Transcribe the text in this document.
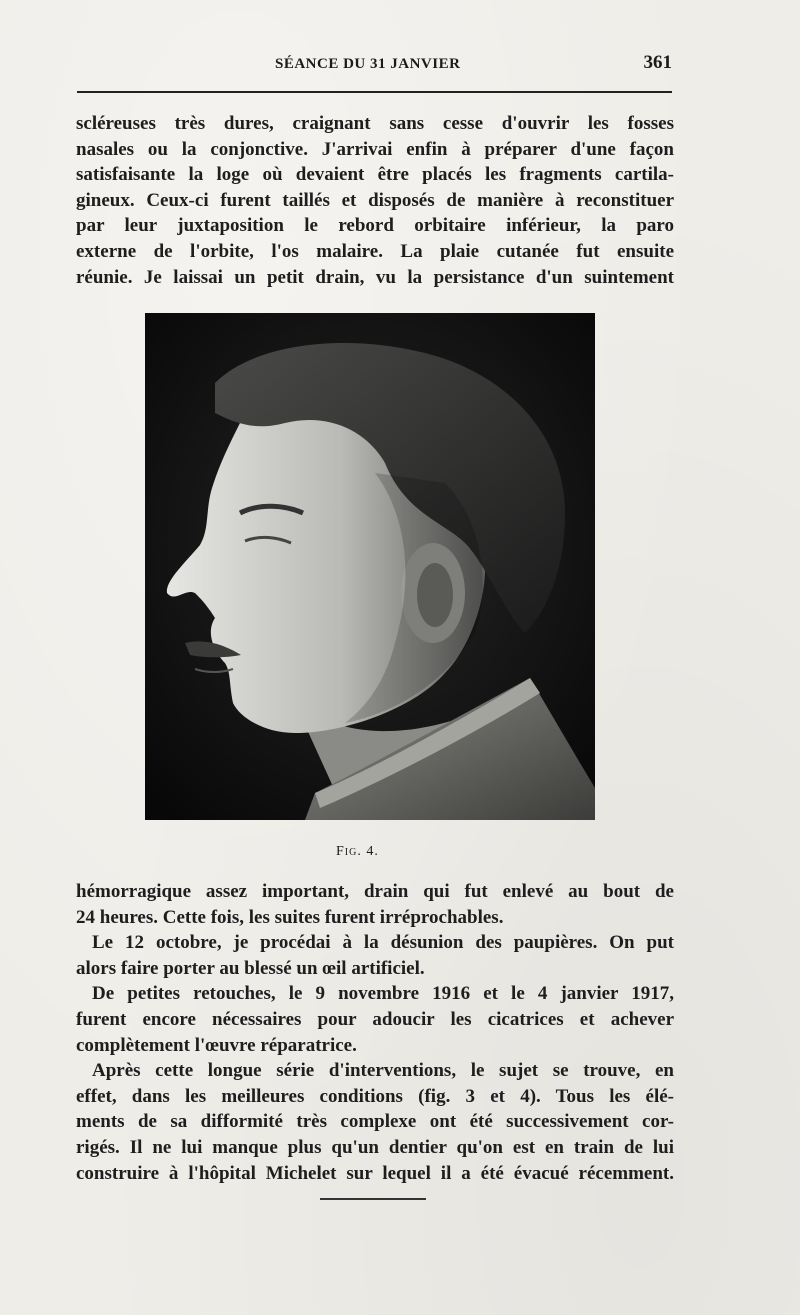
SÉANCE DU 31 JANVIER	361
scléreuses très dures, craignant sans cesse d'ouvrir les fosses
nasales ou la conjonctive. J'arrivai enfin à préparer d'une façon
satisfaisante la loge où devaient être placés les fragments cartila-
gineux. Ceux-ci furent taillés et disposés de manière à reconstituer
par leur juxtaposition le rebord orbitaire inférieur, la paro
externe de l'orbite, l'os malaire. La plaie cutanée fut ensuite
réunie. Je laissai un petit drain, vu la persistance d'un suintement
Fig. 4.
hémorragique assez important, drain qui fut enlevé au bout de
24 heures. Cette fois, les suites furent irréprochables.
Le 12 octobre, je procédai à la désunion des paupières. On put
alors faire porter au blessé un œil artificiel.
De petites retouches, le 9 novembre 1916 et le 4 janvier 1917,
furent encore nécessaires pour adoucir les cicatrices et achever
complètement l'œuvre réparatrice.
Après cette longue série d'interventions, le sujet se trouve, en
effet, dans les meilleures conditions (fig. 3 et 4). Tous les élé-
ments de sa difformité très complexe ont été successivement cor-
rigés. Il ne lui manque plus qu'un dentier qu'on est en train de lui
construire à l'hôpital Michelet sur lequel il a été évacué récemment.
